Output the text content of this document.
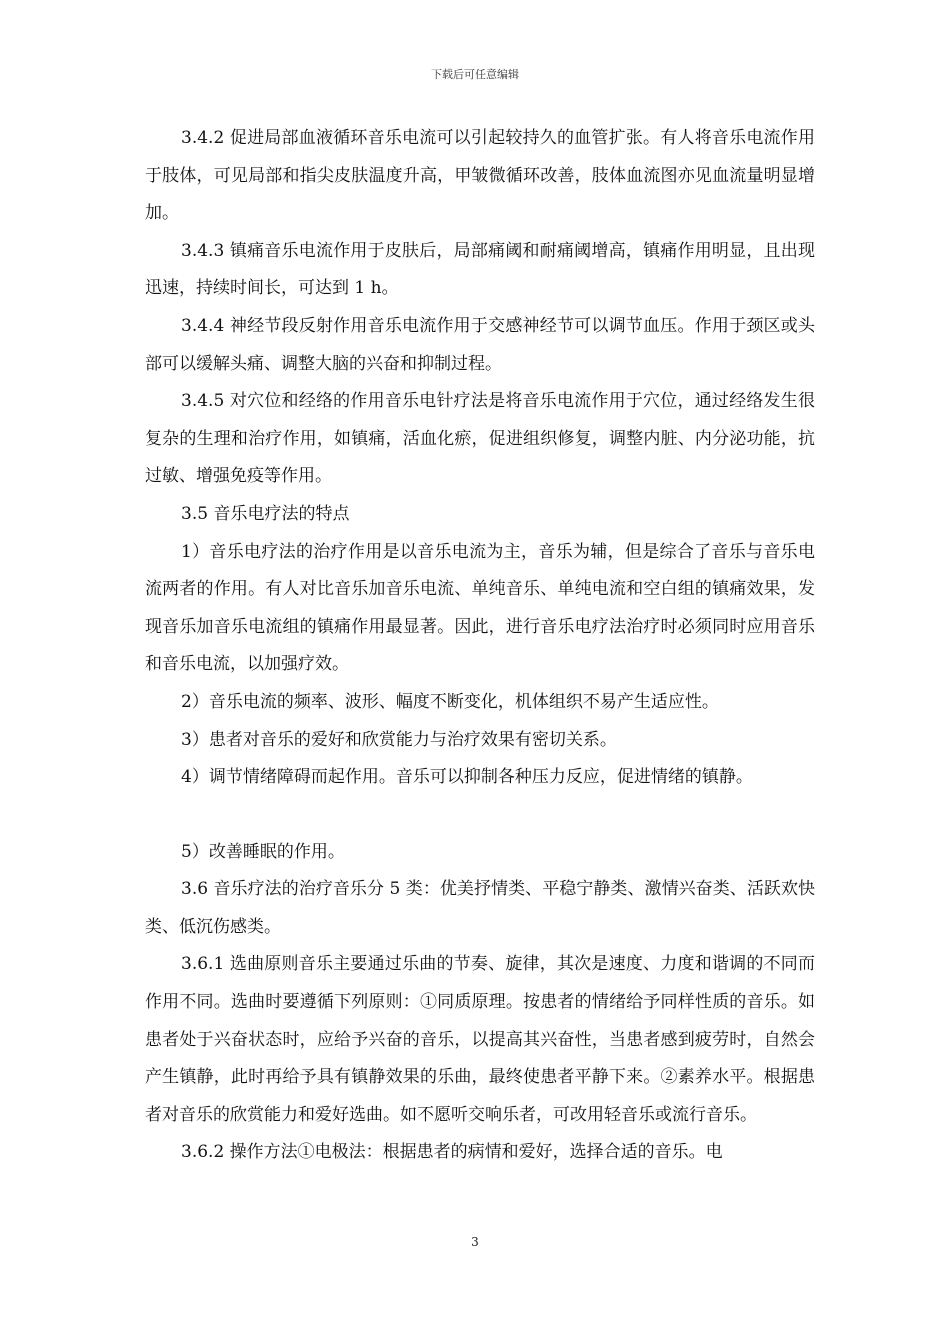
下载后可任意编辑

3.4.2 促进局部血液循环音乐电流可以引起较持久的血管扩张。有人将音乐电流作用于肢体，可见局部和指尖皮肤温度升高，甲皱微循环改善，肢体血流图亦见血流量明显增加。

3.4.3 镇痛音乐电流作用于皮肤后，局部痛阈和耐痛阈增高，镇痛作用明显，且出现迅速，持续时间长，可达到 1 h。

3.4.4 神经节段反射作用音乐电流作用于交感神经节可以调节血压。作用于颈区或头部可以缓解头痛、调整大脑的兴奋和抑制过程。

3.4.5 对穴位和经络的作用音乐电针疗法是将音乐电流作用于穴位，通过经络发生很复杂的生理和治疗作用，如镇痛，活血化瘀，促进组织修复，调整内脏、内分泌功能，抗过敏、增强免疫等作用。

3.5 音乐电疗法的特点

1）音乐电疗法的治疗作用是以音乐电流为主，音乐为辅，但是综合了音乐与音乐电流两者的作用。有人对比音乐加音乐电流、单纯音乐、单纯电流和空白组的镇痛效果，发现音乐加音乐电流组的镇痛作用最显著。因此，进行音乐电疗法治疗时必须同时应用音乐和音乐电流，以加强疗效。

2）音乐电流的频率、波形、幅度不断变化，机体组织不易产生适应性。

3）患者对音乐的爱好和欣赏能力与治疗效果有密切关系。

4）调节情绪障碍而起作用。音乐可以抑制各种压力反应，促进情绪的镇静。

5）改善睡眠的作用。

3.6 音乐疗法的治疗音乐分 5 类：优美抒情类、平稳宁静类、激情兴奋类、活跃欢快类、低沉伤感类。

3.6.1 选曲原则音乐主要通过乐曲的节奏、旋律，其次是速度、力度和谐调的不同而作用不同。选曲时要遵循下列原则：①同质原理。按患者的情绪给予同样性质的音乐。如患者处于兴奋状态时，应给予兴奋的音乐，以提高其兴奋性，当患者感到疲劳时，自然会产生镇静，此时再给予具有镇静效果的乐曲，最终使患者平静下来。②素养水平。根据患者对音乐的欣赏能力和爱好选曲。如不愿听交响乐者，可改用轻音乐或流行音乐。

3.6.2 操作方法①电极法：根据患者的病情和爱好，选择合适的音乐。电

3
